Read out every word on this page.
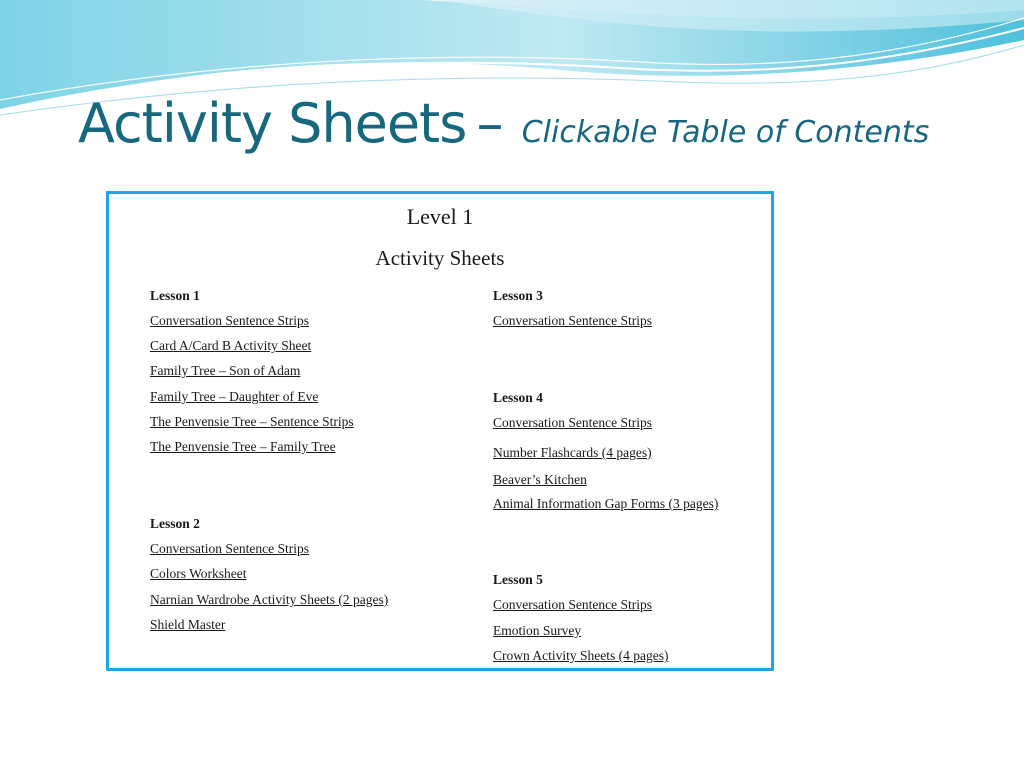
Activity Sheets – Clickable Table of Contents
Level 1
Activity Sheets
Lesson 1
Conversation Sentence Strips
Card A/Card B Activity Sheet
Family Tree – Son of Adam
Family Tree – Daughter of Eve
The Penvensie Tree – Sentence Strips
The Penvensie Tree – Family Tree
Lesson 2
Conversation Sentence Strips
Colors Worksheet
Narnian Wardrobe Activity Sheets (2 pages)
Shield Master
Lesson 3
Conversation Sentence Strips
Lesson 4
Conversation Sentence Strips
Number Flashcards (4 pages)
Beaver’s Kitchen
Animal Information Gap Forms (3 pages)
Lesson 5
Conversation Sentence Strips
Emotion Survey
Crown Activity Sheets (4 pages)
